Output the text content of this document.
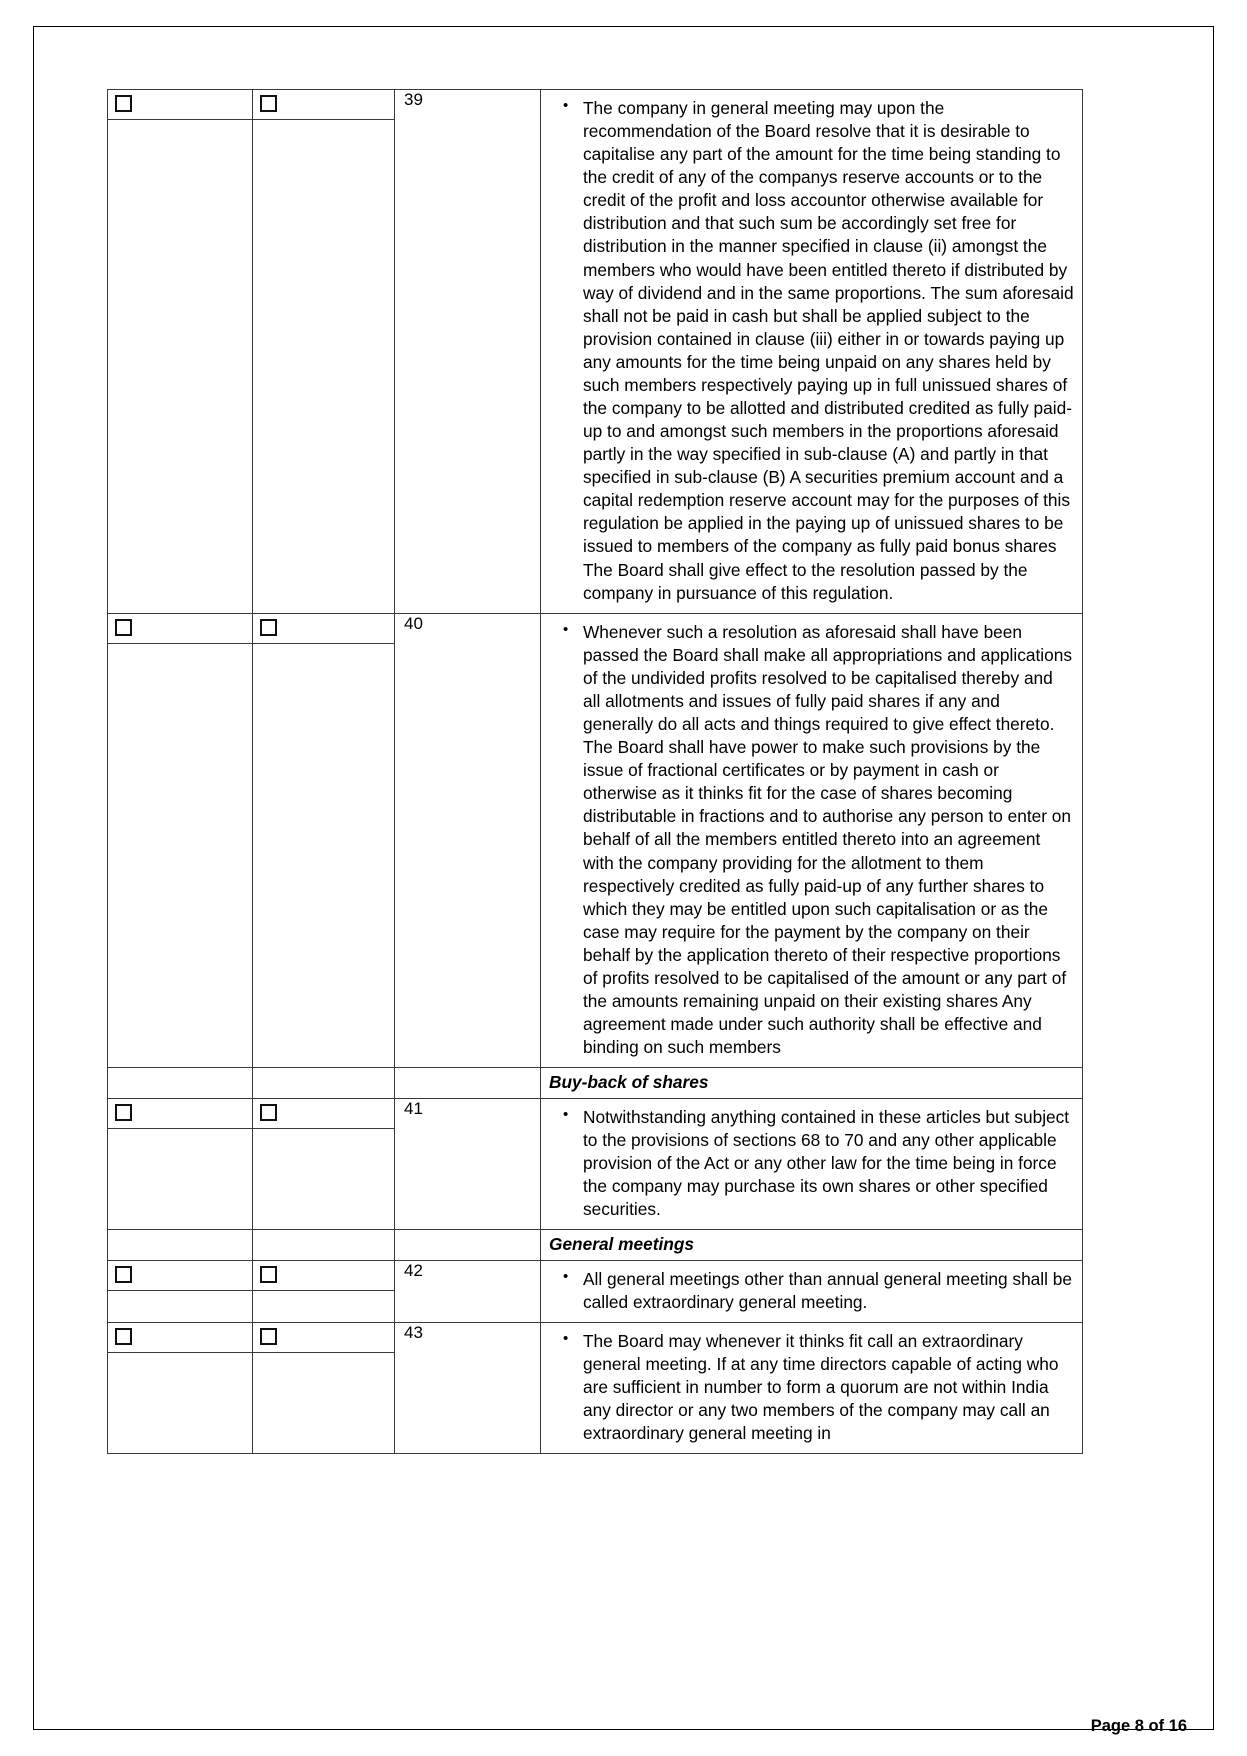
	39	
•The company in general meeting may upon the recommendation of the Board resolve that it is desirable to capitalise any part of the amount for the time being standing to the credit of any of the companys reserve accounts or to the credit of the profit and loss accountor otherwise available for distribution and that such sum be accordingly set free for distribution in the manner specified in clause (ii) amongst the members who would have been entitled thereto if distributed by way of dividend and in the same proportions. The sum aforesaid shall not be paid in cash but shall be applied subject to the provision contained in clause (iii) either in or towards paying up any amounts for the time being unpaid on any shares held by such members respectively paying up in full unissued shares of the company to be allotted and distributed credited as fully paid-up to and amongst such members in the proportions aforesaid partly in the way specified in sub-clause (A) and partly in that specified in sub-clause (B) A securities premium account and a capital redemption reserve account may for the purposes of this regulation be applied in the paying up of unissued shares to be issued to members of the company as fully paid bonus shares The Board shall give effect to the resolution passed by the company in pursuance of this regulation.

	40	
•Whenever such a resolution as aforesaid shall have been passed the Board shall make all appropriations and applications of the undivided profits resolved to be capitalised thereby and all allotments and issues of fully paid shares if any and generally do all acts and things required to give effect thereto. The Board shall have power to make such provisions by the issue of fractional certificates or by payment in cash or otherwise as it thinks fit for the case of shares becoming distributable in fractions and to authorise any person to enter on behalf of all the members entitled thereto into an agreement with the company providing for the allotment to them respectively credited as fully paid-up of any further shares to which they may be entitled upon such capitalisation or as the case may require for the payment by the company on their behalf by the application thereto of their respective proportions of profits resolved to be capitalised of the amount or any part of the amounts remaining unpaid on their existing shares Any agreement made under such authority shall be effective and binding on such members

			Buy-back of shares

	41	
•Notwithstanding anything contained in these articles but subject to the provisions of sections 68 to 70 and any other applicable provision of the Act or any other law for the time being in force the company may purchase its own shares or other specified securities.

			General meetings

	42	
•All general meetings other than annual general meeting shall be called extraordinary general meeting.

	43	
•The Board may whenever it thinks fit call an extraordinary general meeting. If at any time directors capable of acting who are sufficient in number to form a quorum are not within India any director or any two members of the company may call an extraordinary general meeting in
Page 8 of 16
